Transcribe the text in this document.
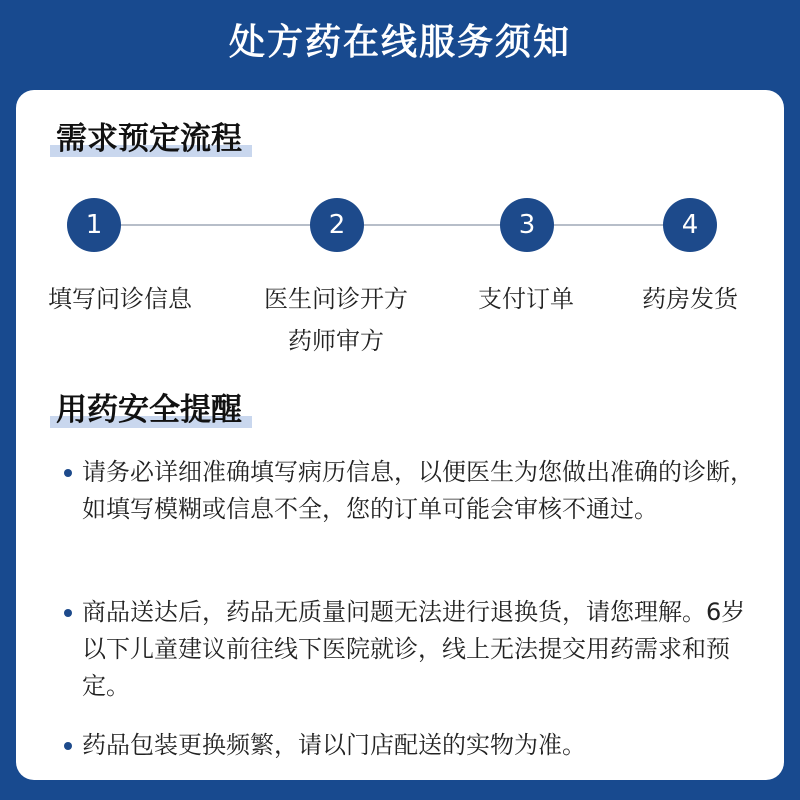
处方药在线服务须知
需求预定流程
1	2	3	4
填写问诊信息	医生问诊开方
药师审方
支付订单	药房发货
用药安全提醒
请务必详细准确填写病历信息，以便医生为您做出准确的诊断，如填写模糊或信息不全，您的订单可能会审核不通过。
商品送达后，药品无质量问题无法进行退换货，请您理解。6岁以下儿童建议前往线下医院就诊，线上无法提交用药需求和预定。
药品包装更换频繁，请以门店配送的实物为准。
